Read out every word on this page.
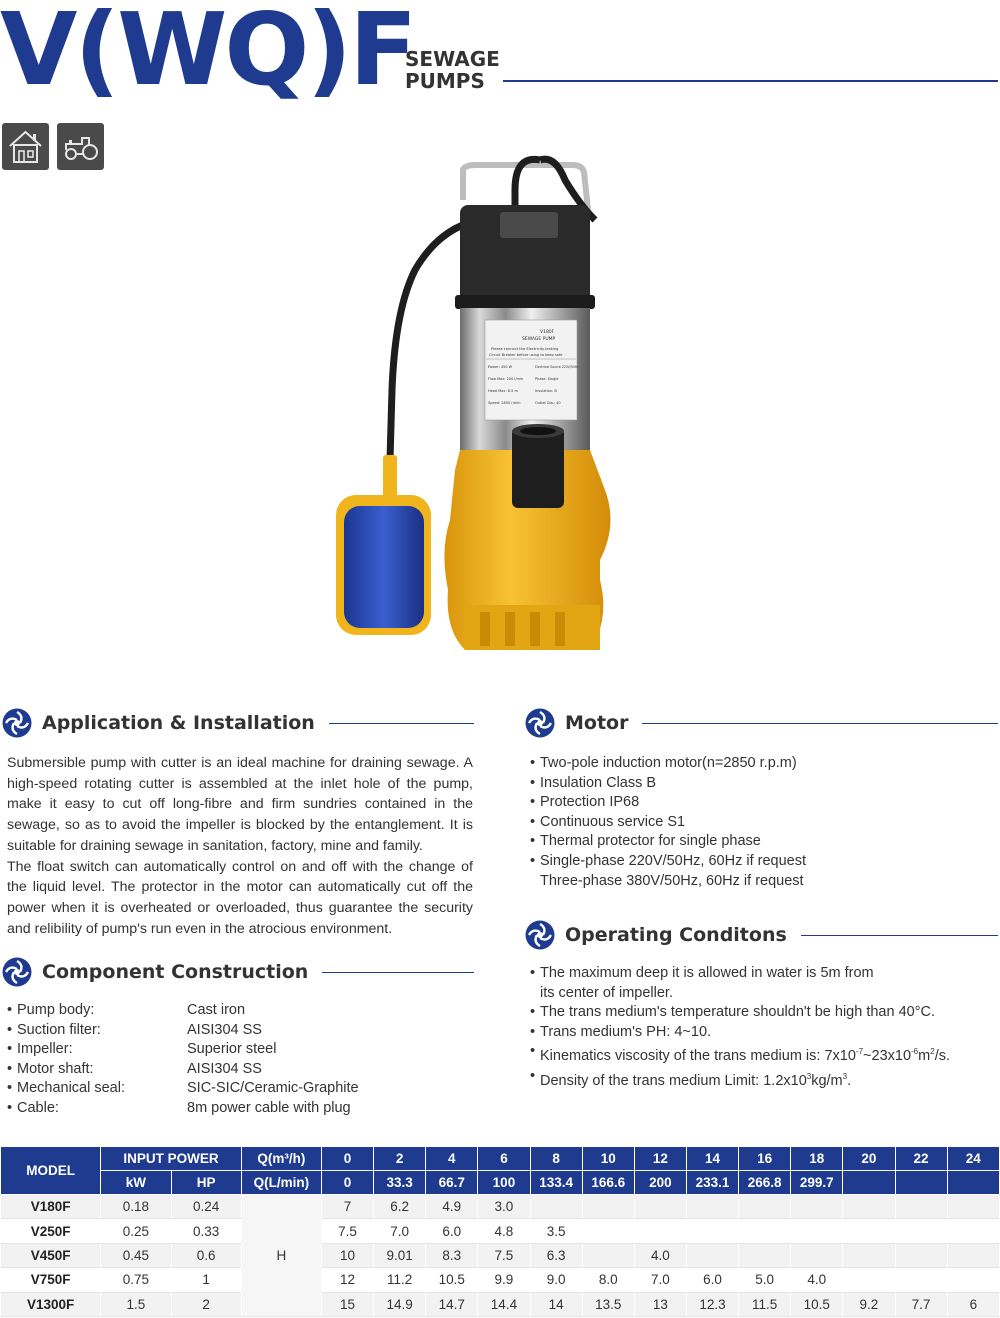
V(WQ)F
SEWAGE
PUMPS
V180F
SEWAGE PUMP
Please connect the Electricity-leaking
Circuit Breaker before using to keep safe
Power: 450 W	Electrical Source 220V/50Hz
Flow Max: 200 l/min	Phase: Single
Head Max: 8.5 m	Insulation: B
Speed: 2850 r/min	Outlet Dia.: 40
Application & Installation

Submersible pump with cutter is an ideal machine for draining sewage. A high-speed rotating cutter is assembled at the inlet hole of the pump, make it easy to cut off long-fibre and firm sundries contained in the sewage, so as to avoid the impeller is blocked by the entanglement. It is suitable for draining sewage in sanitation, factory, mine and family.

The float switch can automatically control on and off with the change of the liquid level. The protector in the motor can automatically cut off the power when it is overheated or overloaded, thus guarantee the security and relibility of pump's run even in the atrocious environment.

Motor
• Two-pole induction motor(n=2850 r.p.m)
• Insulation Class B
• Protection IP68
• Continuous service S1
• Thermal protector for single phase
• Single-phase 220V/50Hz, 60Hz if request
Three-phase 380V/50Hz, 60Hz if request
Operating Conditons
• The maximum deep it is allowed in water is 5m from
its center of impeller.
• The trans medium's temperature shouldn't be high than 40°C.
• Trans medium's PH: 4~10.
• Kinematics viscosity of the trans medium is: $7x10^{-7}\sim 23x10^{-6}m^2/s$.
• Density of the trans medium Limit: $1.2x10^3kg/m^3$.
Component Construction
• Pump body:	Cast iron
• Suction filter:	AISI304 SS
• Impeller:	Superior steel
• Motor shaft:	AISI304 SS
• Mechanical seal:	SIC-SIC/Ceramic-Graphite
• Cable:	8m power cable with plug
MODEL	INPUT POWER		Q(m³/h)	0	2	4	6	8	10	12	14	16	18	20	22	24
	kW	HP	Q(L/min)	0	33.3	66.7	100	133.4	166.6	200	233.1	266.8	299.7			
V180F	0.18	0.24	H	7	6.2	4.9	3.0									
V250F	0.25	0.33		7.5	7.0	6.0	4.8	3.5								
V450F	0.45	0.6		10	9.01	8.3	7.5	6.3		4.0						
V750F	0.75	1		12	11.2	10.5	9.9	9.0	8.0	7.0	6.0	5.0	4.0			
V1300F	1.5	2		15	14.9	14.7	14.4	14	13.5	13	12.3	11.5	10.5	9.2	7.7	6
